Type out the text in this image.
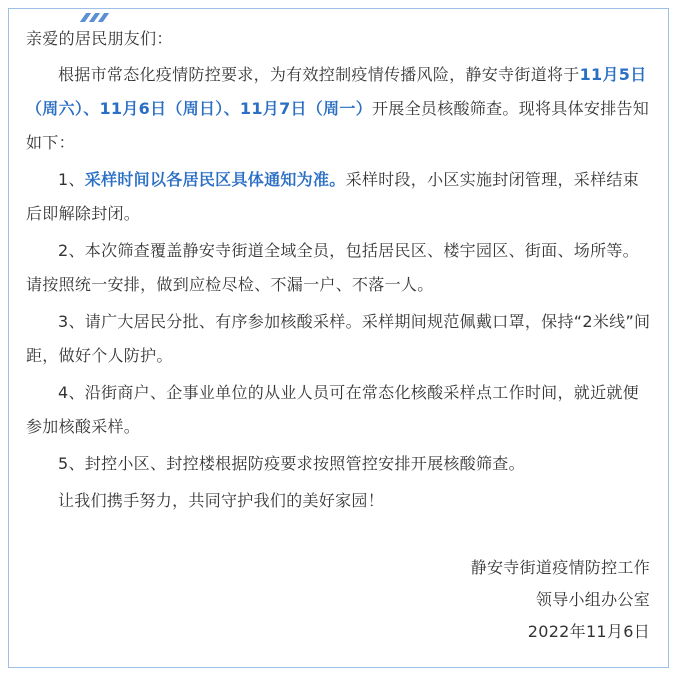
亲爱的居民朋友们：

根据市常态化疫情防控要求，为有效控制疫情传播风险，静安寺街道将于11月5日（周六）、11月6日（周日）、11月7日（周一）开展全员核酸筛查。现将具体安排告知如下：

1、采样时间以各居民区具体通知为准。采样时段，小区实施封闭管理，采样结束后即解除封闭。

2、本次筛查覆盖静安寺街道全域全员，包括居民区、楼宇园区、街面、场所等。请按照统一安排，做到应检尽检、不漏一户、不落一人。

3、请广大居民分批、有序参加核酸采样。采样期间规范佩戴口罩，保持“2米线”间距，做好个人防护。

4、沿街商户、企事业单位的从业人员可在常态化核酸采样点工作时间，就近就便参加核酸采样。

5、封控小区、封控楼根据防疫要求按照管控安排开展核酸筛查。

让我们携手努力，共同守护我们的美好家园！

静安寺街道疫情防控工作
领导小组办公室
2022年11月6日
